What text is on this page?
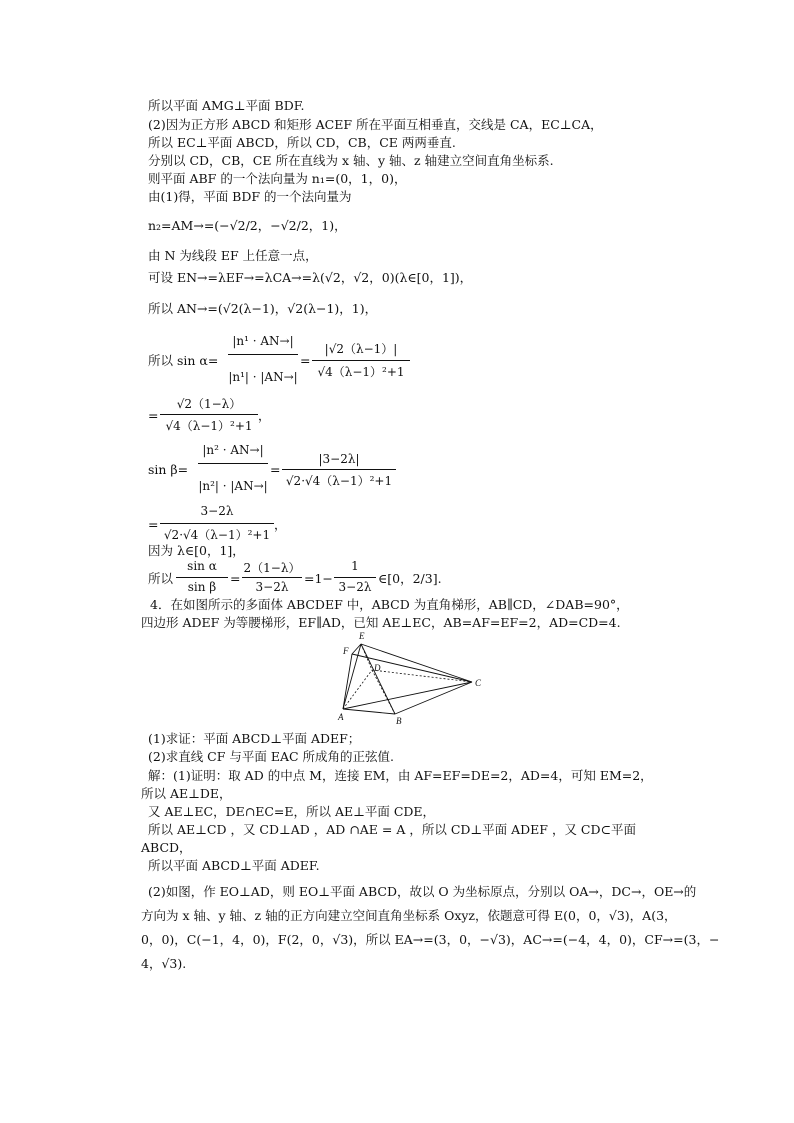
所以平面 AMG⊥平面 BDF.
(2)因为正方形 ABCD 和矩形 ACEF 所在平面互相垂直，交线是 CA，EC⊥CA，
所以 EC⊥平面 ABCD，所以 CD，CB，CE 两两垂直.
分别以 CD，CB，CE 所在直线为 x 轴、y 轴、z 轴建立空间直角坐标系.
则平面 ABF 的一个法向量为 n₁=(0，1，0)，
由(1)得，平面 BDF 的一个法向量为
n₂=AM→=(−√2/2，−√2/2，1)，
由 N 为线段 EF 上任意一点，
可设 EN→=λEF→=λCA→=λ(√2，√2，0)(λ∈[0，1])，
所以 AN→=(√2(λ−1)，√2(λ−1)，1)，
所以 sin α=
|n¹ · AN→|
|n¹| · |AN→|
=
|√2（λ−1）|
√4（λ−1）²+1
=
√2（1−λ）
√4（λ−1）²+1
，
sin β=
|n² · AN→|
|n²| · |AN→|
=
|3−2λ|
√2·√4（λ−1）²+1
=
3−2λ
√2·√4（λ−1）²+1
，
因为 λ∈[0，1]，
所以
sin α
sin β
=
2（1−λ）
3−2λ
=1−
1
3−2λ
∈[0，2/3].
4．在如图所示的多面体 ABCDEF 中，ABCD 为直角梯形，AB∥CD，∠DAB=90°，
四边形 ADEF 为等腰梯形，EF∥AD，已知 AE⊥EC，AB=AF=EF=2，AD=CD=4.
E
F
D
C
A	B
(1)求证：平面 ABCD⊥平面 ADEF；
(2)求直线 CF 与平面 EAC 所成角的正弦值.
解：(1)证明：取 AD 的中点 M，连接 EM，由 AF=EF=DE=2，AD=4，可知 EM=2，
所以 AE⊥DE，
又 AE⊥EC，DE∩EC=E，所以 AE⊥平面 CDE，
所以 AE⊥CD ，又 CD⊥AD ，AD ∩AE = A ，所以 CD⊥平面 ADEF ，又 CD⊂平面
ABCD，
所以平面 ABCD⊥平面 ADEF.
(2)如图，作 EO⊥AD，则 EO⊥平面 ABCD，故以 O 为坐标原点，分别以 OA→，DC→，OE→的
方向为 x 轴、y 轴、z 轴的正方向建立空间直角坐标系 Oxyz，依题意可得 E(0，0，√3)，A(3，
0，0)，C(−1，4，0)，F(2，0，√3)，所以 EA→=(3，0，−√3)，AC→=(−4，4，0)，CF→=(3，−
4，√3).
